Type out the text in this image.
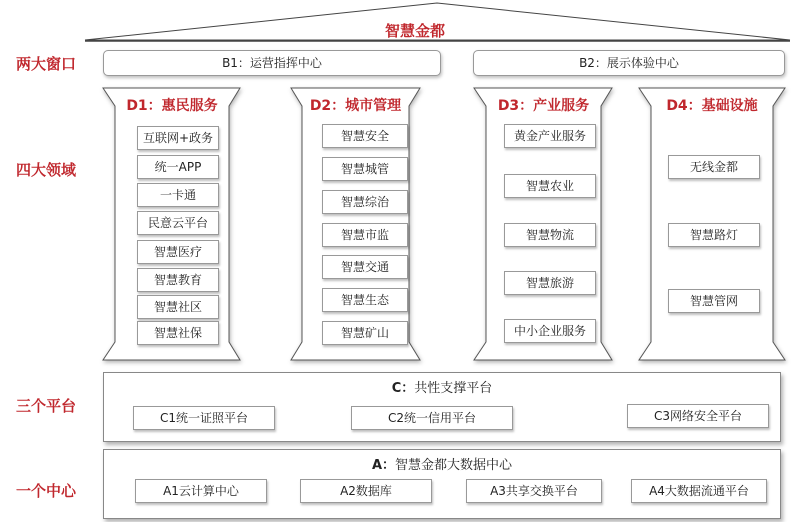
智慧金都
两大窗口
四大领域
三个平台
一个中心
B1：运营指挥中心	B2：展示体验中心
D1：惠民服务	D2：城市管理	D3：产业服务	D4：基础设施
互联网+政务
统一APP
一卡通
民意云平台
智慧医疗
智慧教育
智慧社区
智慧社保
智慧安全
智慧城管
智慧综治
智慧市监
智慧交通
智慧生态
智慧矿山
黄金产业服务
智慧农业
智慧物流
智慧旅游
中小企业服务
无线金都
智慧路灯
智慧管网
C：共性支撑平台
C1统一证照平台	C2统一信用平台	C3网络安全平台
A：智慧金都大数据中心
A1云计算中心	A2数据库	A3共享交换平台	A4大数据流通平台
